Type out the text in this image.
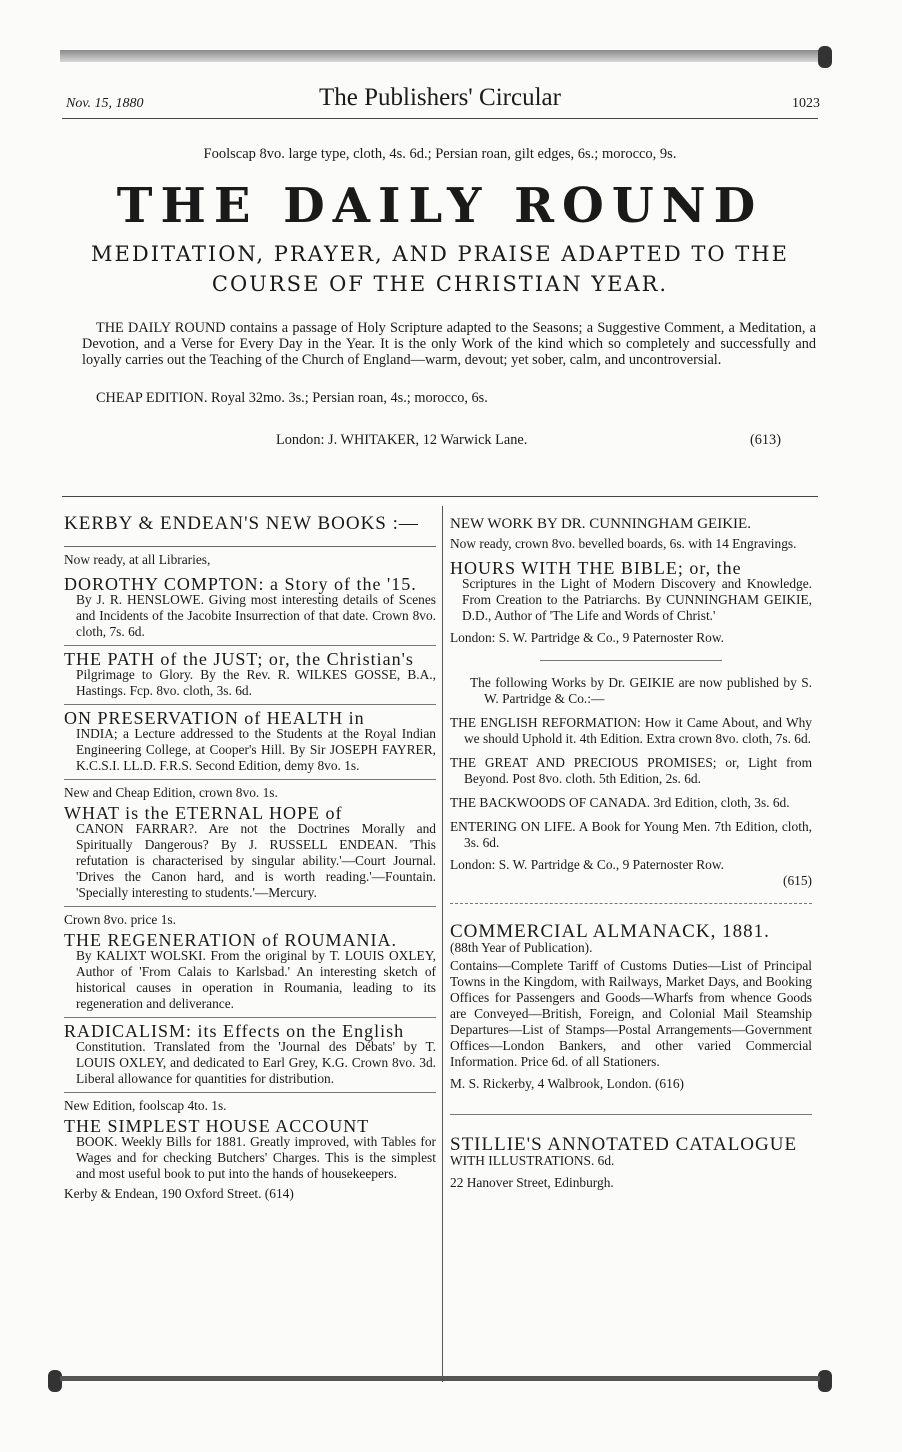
Nov. 15, 1880	The Publishers' Circular	1023
Foolscap 8vo. large type, cloth, 4s. 6d.; Persian roan, gilt edges, 6s.; morocco, 9s.
THE DAILY ROUND
MEDITATION, PRAYER, AND PRAISE ADAPTED TO THE
COURSE OF THE CHRISTIAN YEAR.
THE DAILY ROUND contains a passage of Holy Scripture adapted to the Seasons; a Suggestive Comment, a Meditation, a Devotion, and a Verse for Every Day in the Year. It is the only Work of the kind which so completely and successfully and loyally carries out the Teaching of the Church of England—warm, devout; yet sober, calm, and uncontroversial.
CHEAP EDITION. Royal 32mo. 3s.; Persian roan, 4s.; morocco, 6s.
London: J. WHITAKER, 12 Warwick Lane.	(613)
KERBY & ENDEAN'S NEW BOOKS :—

Now ready, at all Libraries,

DOROTHY COMPTON: a Story of the '15.

By J. R. HENSLOWE. Giving most interesting details of Scenes and Incidents of the Jacobite Insurrection of that date. Crown 8vo. cloth, 7s. 6d.

THE PATH of the JUST; or, the Christian's

Pilgrimage to Glory. By the Rev. R. WILKES GOSSE, B.A., Hastings. Fcp. 8vo. cloth, 3s. 6d.

ON PRESERVATION of HEALTH in

INDIA; a Lecture addressed to the Students at the Royal Indian Engineering College, at Cooper's Hill. By Sir JOSEPH FAYRER, K.C.S.I. LL.D. F.R.S. Second Edition, demy 8vo. 1s.

New and Cheap Edition, crown 8vo. 1s.

WHAT is the ETERNAL HOPE of

CANON FARRAR?. Are not the Doctrines Morally and Spiritually Dangerous? By J. RUSSELL ENDEAN. 'This refutation is characterised by singular ability.'—Court Journal. 'Drives the Canon hard, and is worth reading.'—Fountain. 'Specially interesting to students.'—Mercury.

Crown 8vo. price 1s.

THE REGENERATION of ROUMANIA.

By KALIXT WOLSKI. From the original by T. LOUIS OXLEY, Author of 'From Calais to Karlsbad.' An interesting sketch of historical causes in operation in Roumania, leading to its regeneration and deliverance.

RADICALISM: its Effects on the English

Constitution. Translated from the 'Journal des Débats' by T. LOUIS OXLEY, and dedicated to Earl Grey, K.G. Crown 8vo. 3d. Liberal allowance for quantities for distribution.

New Edition, foolscap 4to. 1s.

THE SIMPLEST HOUSE ACCOUNT

BOOK. Weekly Bills for 1881. Greatly improved, with Tables for Wages and for checking Butchers' Charges. This is the simplest and most useful book to put into the hands of housekeepers.

Kerby & Endean, 190 Oxford Street. (614)

NEW WORK BY DR. CUNNINGHAM GEIKIE.

Now ready, crown 8vo. bevelled boards, 6s. with 14 Engravings.

HOURS WITH THE BIBLE; or, the

Scriptures in the Light of Modern Discovery and Knowledge. From Creation to the Patriarchs. By CUNNINGHAM GEIKIE, D.D., Author of 'The Life and Words of Christ.'

London: S. W. Partridge & Co., 9 Paternoster Row.

The following Works by Dr. GEIKIE are now published by S. W. Partridge & Co.:—

THE ENGLISH REFORMATION: How it Came About, and Why we should Uphold it. 4th Edition. Extra crown 8vo. cloth, 7s. 6d.

THE GREAT AND PRECIOUS PROMISES; or, Light from Beyond. Post 8vo. cloth. 5th Edition, 2s. 6d.

THE BACKWOODS OF CANADA. 3rd Edition, cloth, 3s. 6d.

ENTERING ON LIFE. A Book for Young Men. 7th Edition, cloth, 3s. 6d.

London: S. W. Partridge & Co., 9 Paternoster Row.

(615)

COMMERCIAL ALMANACK, 1881.

(88th Year of Publication).

Contains—Complete Tariff of Customs Duties—List of Principal Towns in the Kingdom, with Railways, Market Days, and Booking Offices for Passengers and Goods—Wharfs from whence Goods are Conveyed—British, Foreign, and Colonial Mail Steamship Departures—List of Stamps—Postal Arrangements—Government Offices—London Bankers, and other varied Commercial Information. Price 6d. of all Stationers.

M. S. Rickerby, 4 Walbrook, London. (616)

STILLIE'S ANNOTATED CATALOGUE

WITH ILLUSTRATIONS. 6d.

22 Hanover Street, Edinburgh.
